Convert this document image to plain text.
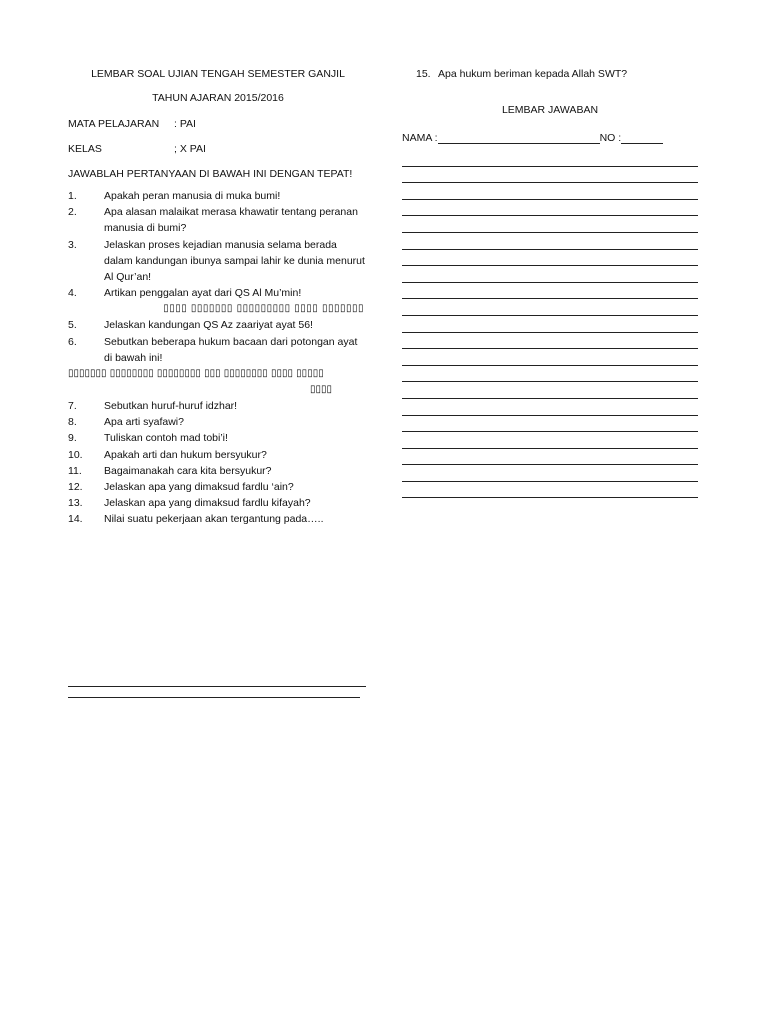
LEMBAR SOAL UJIAN TENGAH SEMESTER GANJIL
TAHUN AJARAN 2015/2016
MATA PELAJARAN	: PAI
KELAS	; X PAI
JAWABLAH PERTANYAAN DI BAWAH INI DENGAN TEPAT!
1.	Apakah peran manusia di muka bumi!
2.	Apa alasan malaikat merasa khawatir tentang peranan manusia di bumi?
3.	Jelaskan proses kejadian manusia selama berada dalam kandungan ibunya sampai lahir ke dunia menurut Al Qur’an!
4.	Artikan penggalan ayat dari QS Al Mu’min!
▯▯▯▯ ▯▯▯▯▯▯▯ ▯▯▯▯▯▯▯▯▯ ▯▯▯▯ ▯▯▯▯▯▯▯
5.	Jelaskan kandungan QS Az zaariyat ayat 56!
6.	Sebutkan beberapa hukum bacaan dari potongan ayat di bawah ini!
▯▯▯▯▯▯▯ ▯▯▯▯▯▯▯▯ ▯▯▯▯▯▯▯▯ ▯▯▯ ▯▯▯▯▯▯▯▯ ▯▯▯▯ ▯▯▯▯▯
▯▯▯▯
7.	Sebutkan huruf-huruf idzhar!
8.	Apa arti syafawi?
9.	Tuliskan contoh mad tobi’i!
10.	Apakah arti dan hukum bersyukur?
11.	Bagaimanakah cara kita bersyukur?
12.	Jelaskan apa yang dimaksud fardlu ‘ain?
13.	Jelaskan apa yang dimaksud fardlu kifayah?
14.	Nilai suatu pekerjaan akan tergantung pada…..
15. Apa hukum beriman kepada Allah SWT?
LEMBAR JAWABAN
NAMA :	NO :
